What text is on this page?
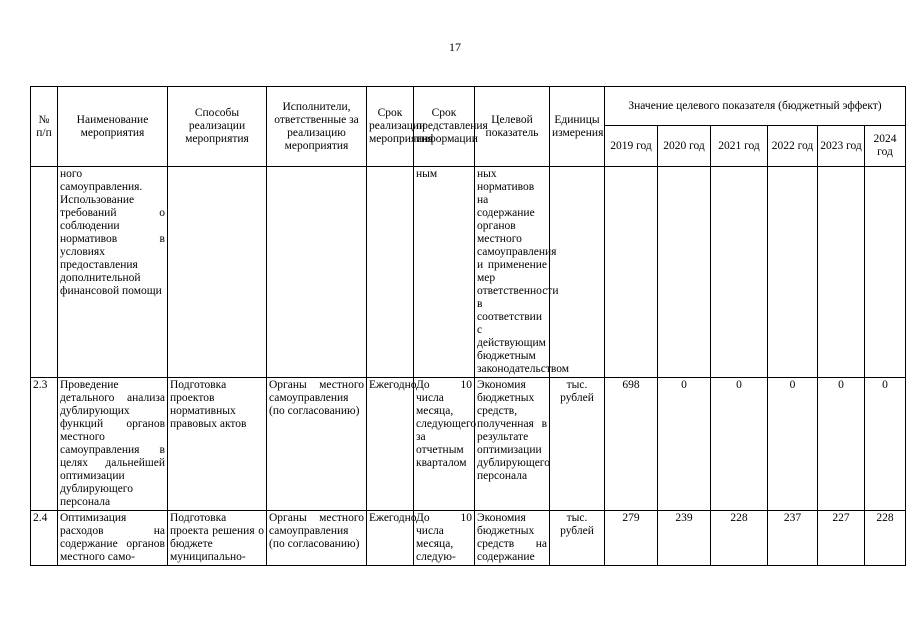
17
№ п/п	Наименование мероприятия	Способы реализации мероприятия	Исполнители, ответственные за реализацию мероприятия	Срок реализации мероприятия	Срок представления информации	Целевой показатель	Единицы измерения	Значение целевого показателя (бюджетный эффект)					
								2019 год	2020 год	2021 год	2022 год	2023 год	2024 год
	ного самоуправления. Использование требований о соблюдении нормативов в условиях предоставления дополнительной финансовой помощи				ным	ных нормативов на содержание органов местного самоуправления и применение мер ответственности в соответствии с действующим бюджетным законодательством							
2.3	Проведение детального анализа дублирующих функций органов местного самоуправления в целях дальнейшей оптимизации дублирующего персонала	Подготовка проектов нормативных правовых актов	Органы местного самоуправления (по согласованию)	Ежегодно	До 10 числа месяца, следующего за отчетным кварталом	Экономия бюджетных средств, полученная в результате оптимизации дублирующего персонала	тыс. рублей	698	0	0	0	0	0
2.4	Оптимизация расходов на содержание органов местного само-	Подготовка проекта решения о бюджете муниципально-	Органы местного самоуправления (по согласованию)	Ежегодно	До 10 числа месяца, следую-	Экономия бюджетных средств на содержание	тыс. рублей	279	239	228	237	227	228
